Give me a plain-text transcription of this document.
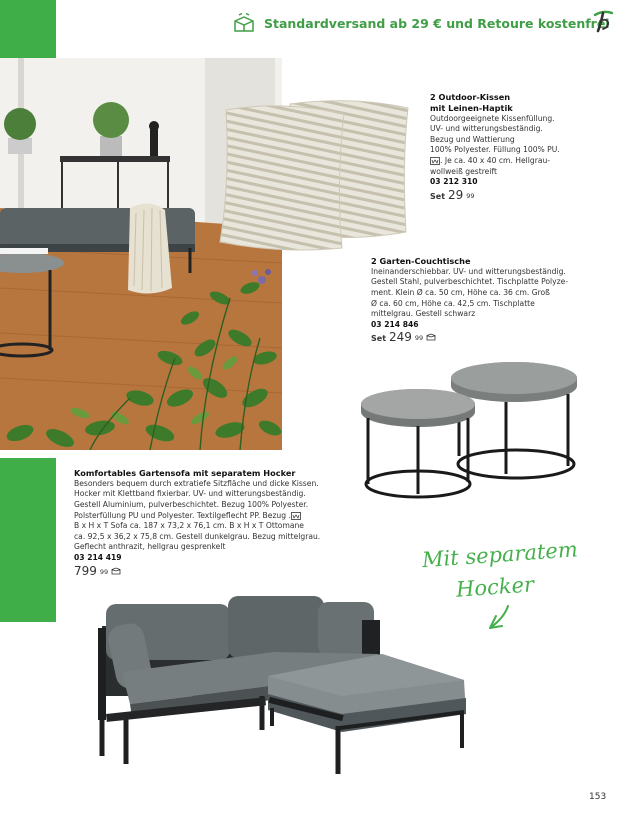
Standardversand ab 29 € und Retoure kostenfrei
2 Outdoor-Kissen
mit Leinen-Haptik
Outdoorgeeignete Kissenfüllung.
UV- und witterungsbeständig.
Bezug und Wattierung
100% Polyester. Füllung 100% PU.
. Je ca. 40 x 40 cm. Hellgrau-
wollweiß gestreift
03 212 310
Set 29 $^{99}$
2 Garten-Couchtische
Ineinanderschiebbar. UV- und witterungsbeständig.
Gestell Stahl, pulverbeschichtet. Tischplatte Polyze-
ment. Klein Ø ca. 50 cm, Höhe ca. 36 cm. Groß
Ø ca. 60 cm, Höhe ca. 42,5 cm. Tischplatte
mittelgrau. Gestell schwarz
03 214 846
Set 249 $^{99}$
Komfortables Gartensofa mit separatem Hocker
Besonders bequem durch extratiefe Sitzfläche und dicke Kissen.
Hocker mit Klettband fixierbar. UV- und witterungsbeständig.
Gestell Aluminium, pulverbeschichtet. Bezug 100% Polyester.
Polsterfüllung PU und Polyester. Textilgeflecht PP. Bezug .
B x H x T Sofa ca. 187 x 73,2 x 76,1 cm. B x H x T Ottomane
ca. 92,5 x 36,2 x 75,8 cm. Gestell dunkelgrau. Bezug mittelgrau.
Geflecht anthrazit, hellgrau gesprenkelt
03 214 419
799 $^{99}$	Mit separatem
Hocker
153
